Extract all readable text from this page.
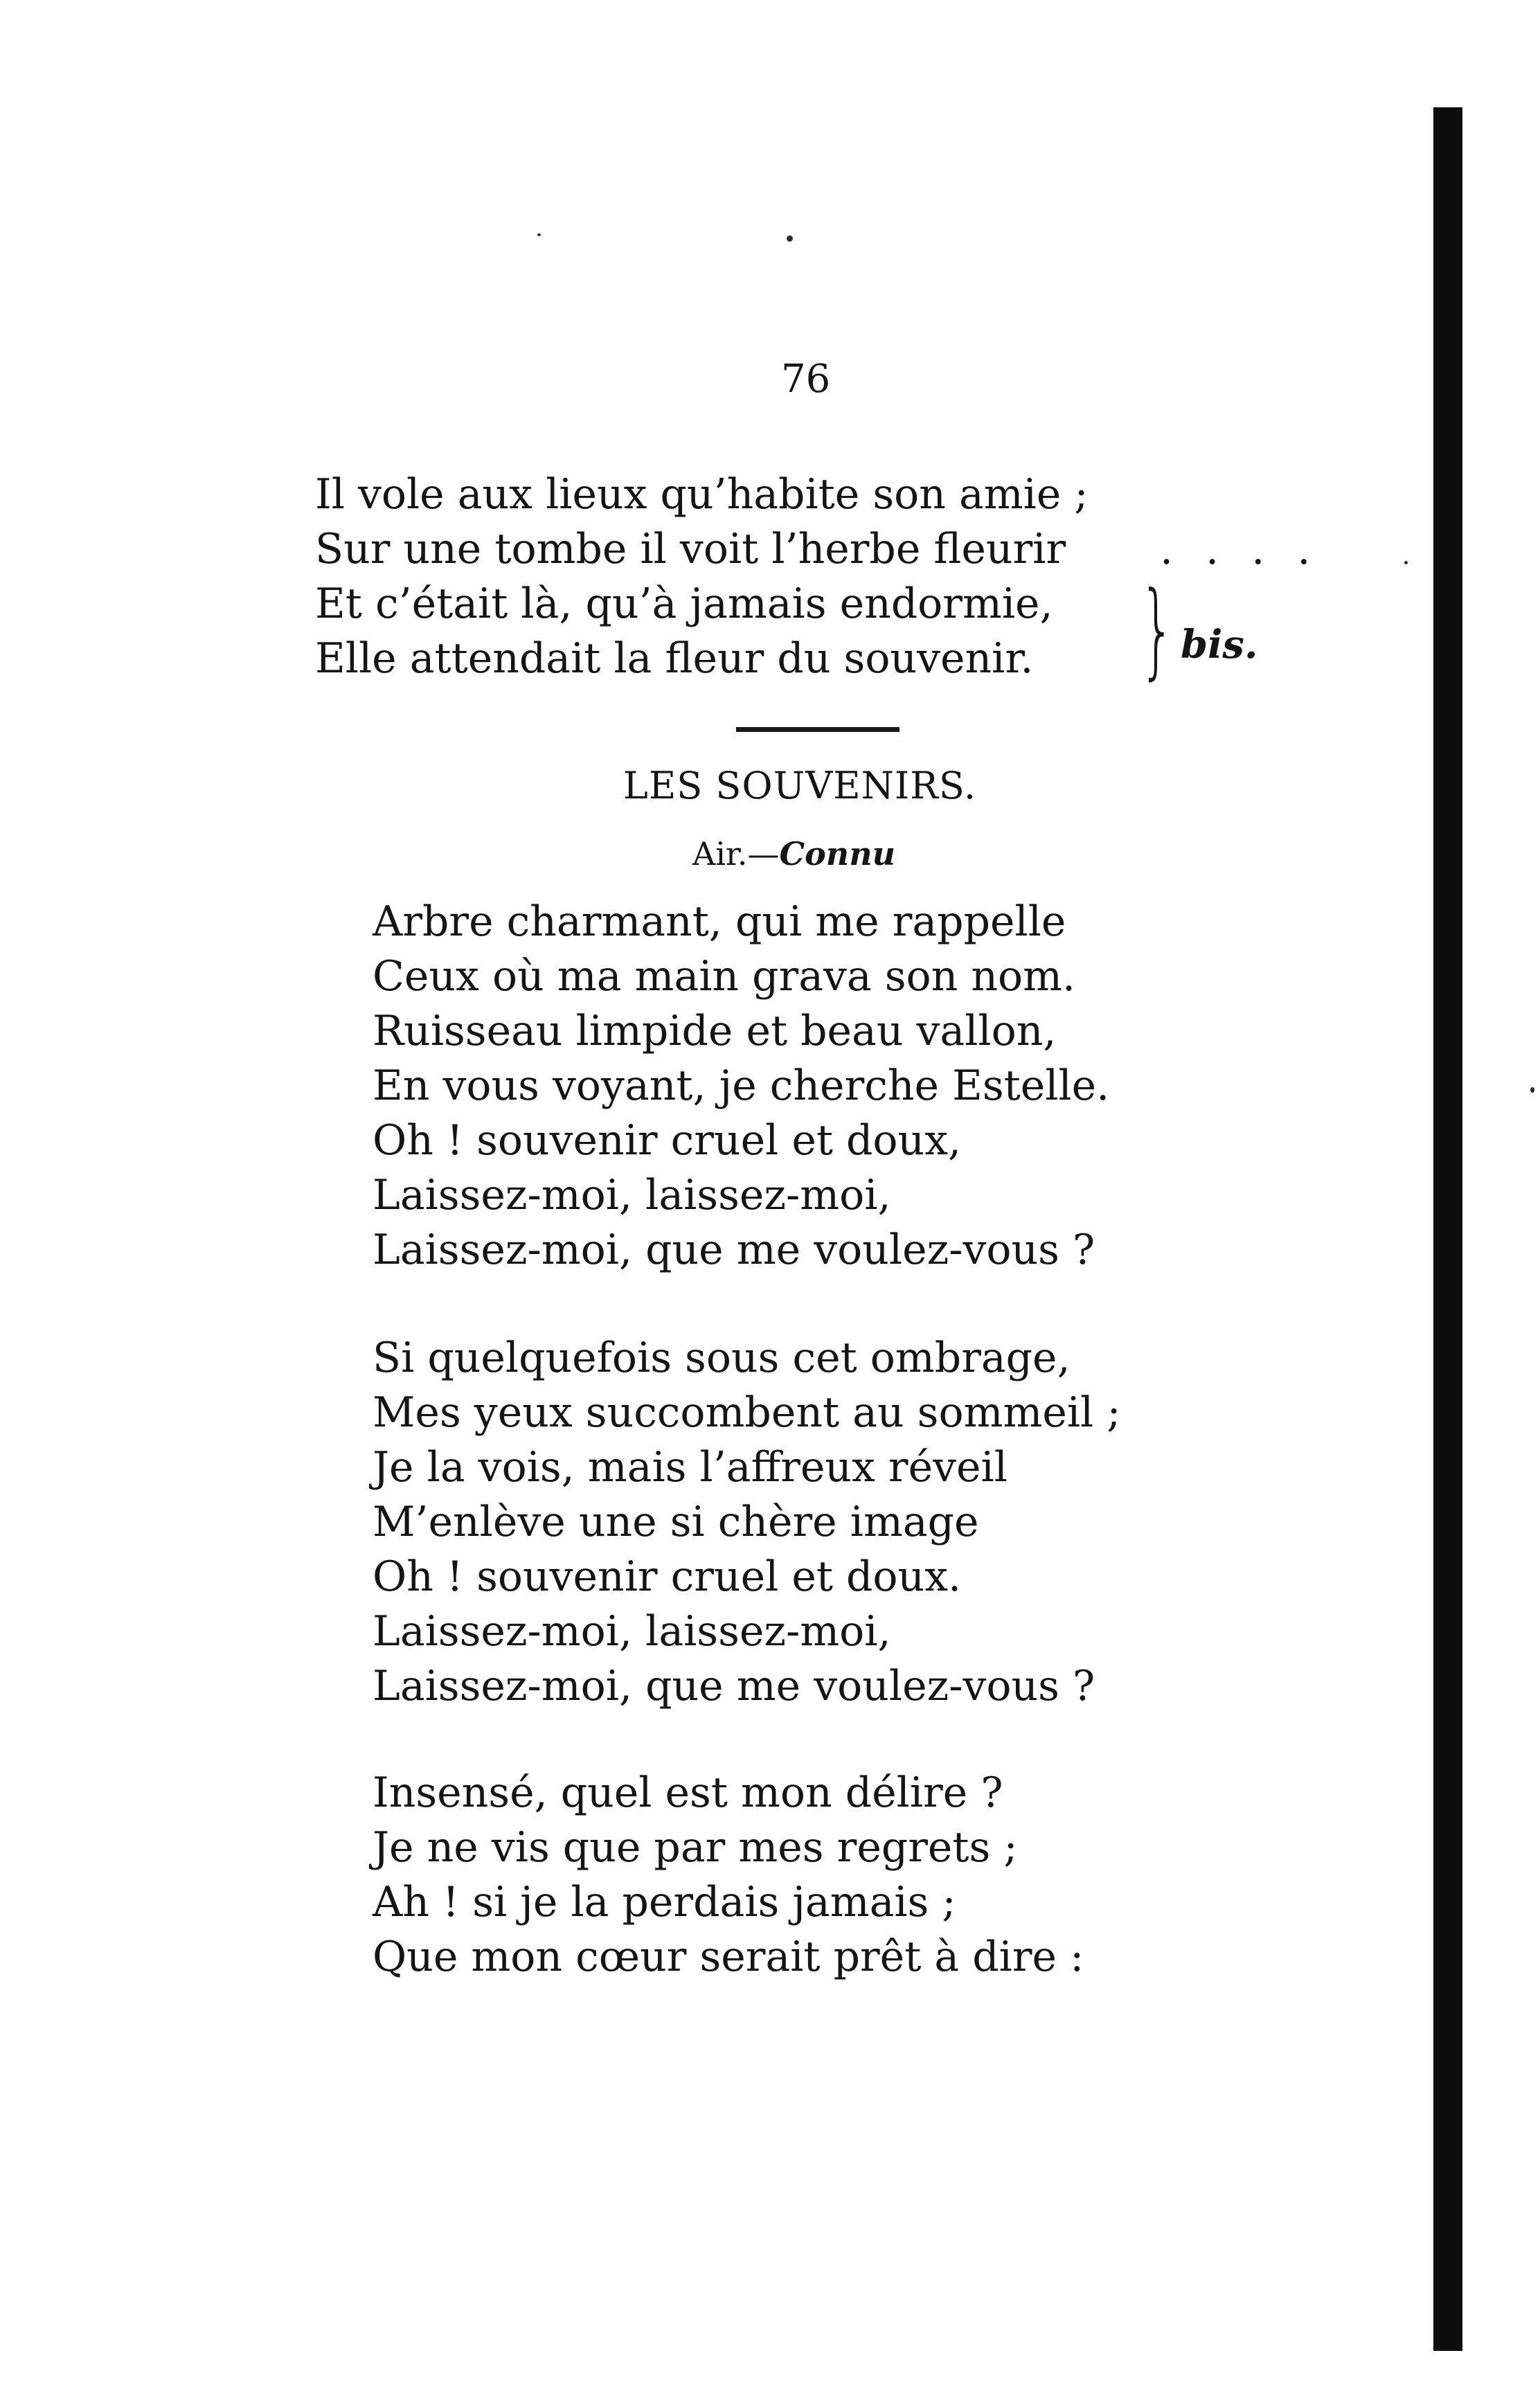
76
Il vole aux lieux qu’habite son amie ;
Sur une tombe il voit l’herbe fleurir
Et c’était là, qu’à jamais endormie,
Elle attendait la fleur du souvenir.
. . . .
} bis.
LES SOUVENIRS.
Air.—Connu
Arbre charmant, qui me rappelle
Ceux où ma main grava son nom.
Ruisseau limpide et beau vallon,
En vous voyant, je cherche Estelle.
Oh ! souvenir cruel et doux,
Laissez-moi, laissez-moi,
Laissez-moi, que me voulez-vous ?
Si quelquefois sous cet ombrage,
Mes yeux succombent au sommeil ;
Je la vois, mais l’affreux réveil
M’enlève une si chère image
Oh ! souvenir cruel et doux.
Laissez-moi, laissez-moi,
Laissez-moi, que me voulez-vous ?
Insensé, quel est mon délire ?
Je ne vis que par mes regrets ;
Ah ! si je la perdais jamais ;
Que mon cœur serait prêt à dire :
